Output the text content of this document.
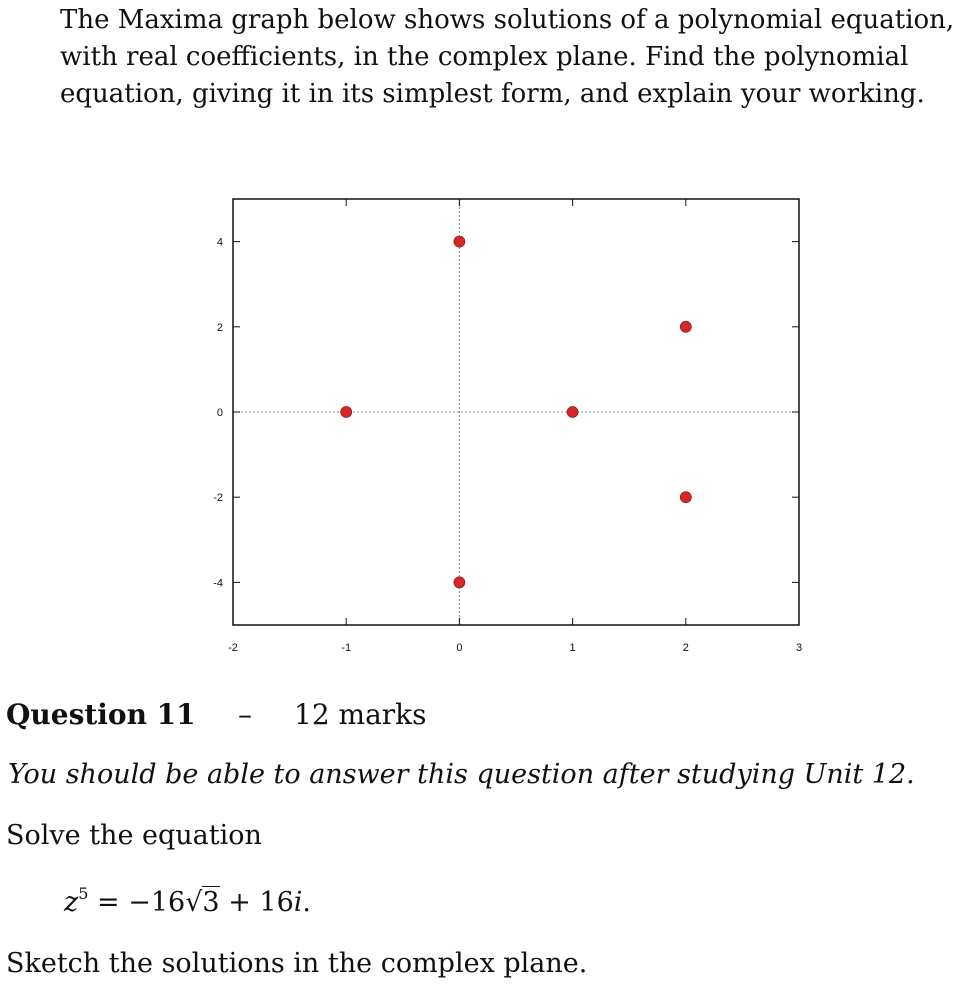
The Maxima graph below shows solutions of a polynomial equation,
with real coefficients, in the complex plane. Find the polynomial
equation, giving it in its simplest form, and explain your working.
-2	-1	0	1	2	3
4
2
0
-2
-4
Question 11 – 12 marks
You should be able to answer this question after studying Unit 12.
Solve the equation
$z^5 = -16√3 + 16i$.
Sketch the solutions in the complex plane.
